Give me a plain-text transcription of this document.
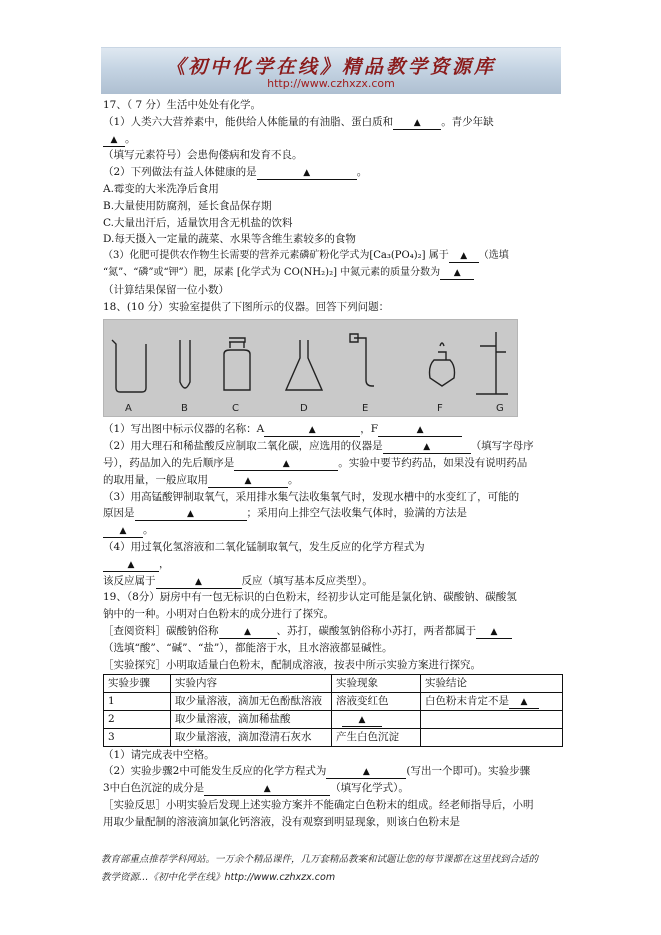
《初中化学在线》精品教学资源库
http://www.czhxzx.com
17、（ 7 分）生活中处处有化学。
（1）人类六大营养素中，能供给人体能量的有油脂、蛋白质和 ▲ 。青少年缺
▲ 。
（填写元素符号）会患佝偻病和发育不良。
（2）下列做法有益人体健康的是	▲	。
A.霉变的大米洗净后食用
B.大量使用防腐剂，延长食品保存期
C.大量出汗后，适量饮用含无机盐的饮料
D.每天摄入一定量的蔬菜、水果等含维生素较多的食物
（3）化肥可提供农作物生长需要的营养元素磷矿粉化学式为[Ca₃(PO₄)₂] 属于 ▲ （选填
“氮”、“磷”或“钾”）肥，尿素 [化学式为 CO(NH₂)₂] 中氮元素的质量分数为 ▲
（计算结果保留一位小数）
18、(10 分）实验室提供了下图所示的仪器。回答下列问题：
A	B	C	D	E	F	G
（1）写出图中标示仪器的名称：A	▲	，F	▲
（2）用大理石和稀盐酸反应制取二氧化碳，应选用的仪器是	▲	（填写字母序
号），药品加入的先后顺序是	▲	。实验中要节约药品，如果没有说明药品
的取用量，一般应取用	▲	。
（3）用高锰酸钾制取氧气，采用排水集气法收集氧气时，发现水槽中的水变红了，可能的
原因是	▲	；采用向上排空气法收集气体时，验满的方法是
▲ 。
（4）用过氧化氢溶液和二氧化锰制取氧气，发生反应的化学方程式为
▲ ，
该反应属于	▲	反应（填写基本反应类型）。
19、（8分）厨房中有一包无标识的白色粉末，经初步认定可能是氯化钠、碳酸钠、碳酸氢
钠中的一种。小明对白色粉末的成分进行了探究。
［查阅资料］碳酸钠俗称	▲ 、苏打，碳酸氢钠俗称小苏打，两者都属于 ▲
（选填“酸”、“碱”、“盐”），都能溶于水，且水溶液都显碱性。
［实验探究］小明取适量白色粉末，配制成溶液，按表中所示实验方案进行探究。
实验步骤	实验内容	实验现象	实验结论
1	取少量溶液，滴加无色酚酞溶液	溶液变红色	白色粉末肯定不是 ▲
2	取少量溶液，滴加稀盐酸	▲	
3	取少量溶液，滴加澄清石灰水	产生白色沉淀	
（1）请完成表中空格。
（2）实验步骤2中可能发生反应的化学方程式为	▲	(写出一个即可)。实验步骤
3中白色沉淀的成分是	▲	（填写化学式）。
［实验反思］小明实验后发现上述实验方案并不能确定白色粉末的组成。经老师指导后，小明
用取少量配制的溶液滴加氯化钙溶液，没有观察到明显现象，则该白色粉末是
教育部重点推荐学科网站。一万余个精品课件，几万套精品教案和试题让您的每节课都在这里找到合适的
教学资源…《初中化学在线》http://www.czhxzx.com
